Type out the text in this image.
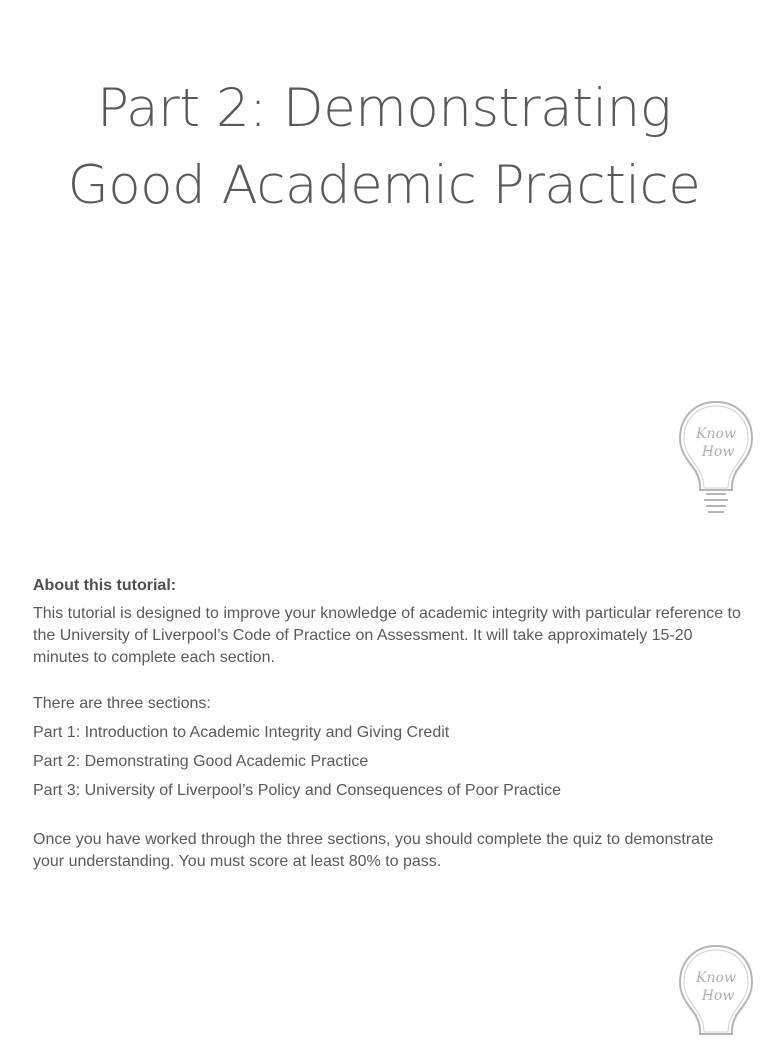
Part 2: Demonstrating
Good Academic Practice
Know
How
About this tutorial:

This tutorial is designed to improve your knowledge of academic integrity with particular reference to the University of Liverpool’s Code of Practice on Assessment. It will take approximately 15-20 minutes to complete each section.

There are three sections:

Part 1: Introduction to Academic Integrity and Giving Credit

Part 2: Demonstrating Good Academic Practice

Part 3: University of Liverpool’s Policy and Consequences of Poor Practice

Once you have worked through the three sections, you should complete the quiz to demonstrate your understanding. You must score at least 80% to pass.

Know
How
